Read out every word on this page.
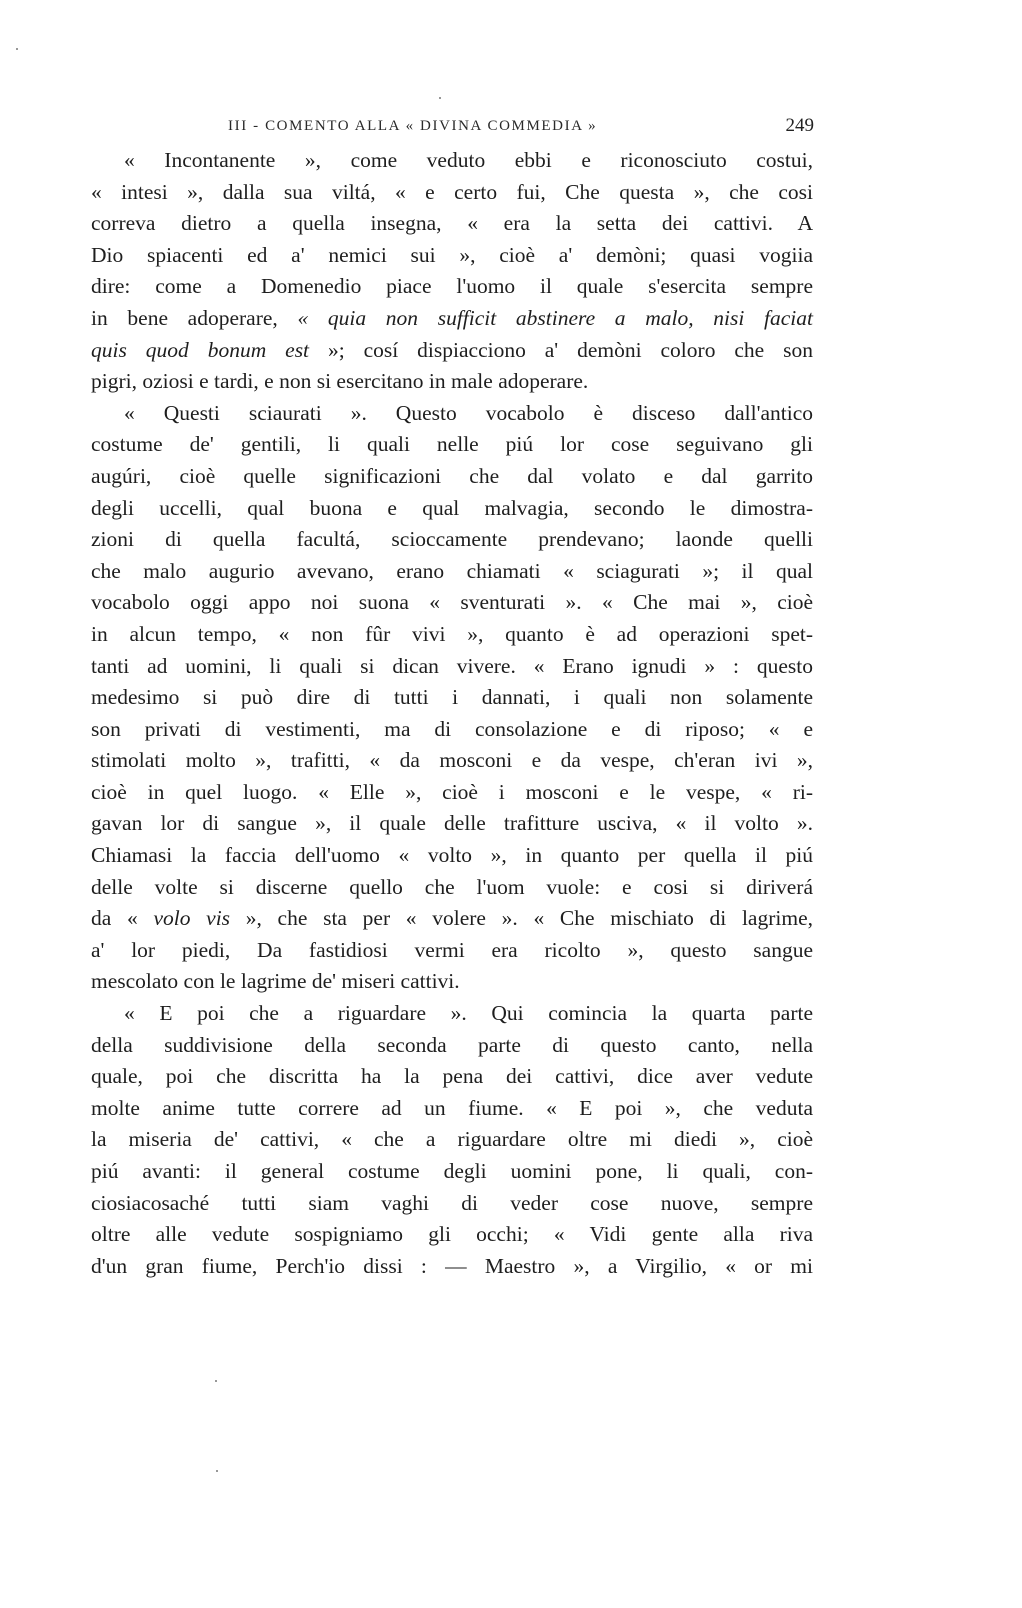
III - COMENTO ALLA « DIVINA COMMEDIA »	249
« Incontanente », come veduto ebbi e riconosciuto costui,
« intesi », dalla sua viltá, « e certo fui, Che questa », che cosi
correva dietro a quella insegna, « era la setta dei cattivi. A
Dio spiacenti ed a' nemici sui », cioè a' demòni; quasi vogiia
dire: come a Domenedio piace l'uomo il quale s'esercita sempre
in bene adoperare, « quia non sufficit abstinere a malo, nisi faciat
quis quod bonum est »; cosí dispiacciono a' demòni coloro che son
pigri, oziosi e tardi, e non si esercitano in male adoperare.
« Questi sciaurati ». Questo vocabolo è disceso dall'antico
costume de' gentili, li quali nelle piú lor cose seguivano gli
augúri, cioè quelle significazioni che dal volato e dal garrito
degli uccelli, qual buona e qual malvagia, secondo le dimostra-
zioni di quella facultá, scioccamente prendevano; laonde quelli
che malo augurio avevano, erano chiamati « sciagurati »; il qual
vocabolo oggi appo noi suona « sventurati ». « Che mai », cioè
in alcun tempo, « non fûr vivi », quanto è ad operazioni spet-
tanti ad uomini, li quali si dican vivere. « Erano ignudi » : questo
medesimo si può dire di tutti i dannati, i quali non solamente
son privati di vestimenti, ma di consolazione e di riposo; « e
stimolati molto », trafitti, « da mosconi e da vespe, ch'eran ivi »,
cioè in quel luogo. « Elle », cioè i mosconi e le vespe, « ri-
gavan lor di sangue », il quale delle trafitture usciva, « il volto ».
Chiamasi la faccia dell'uomo « volto », in quanto per quella il piú
delle volte si discerne quello che l'uom vuole: e cosi si diriverá
da « volo vis », che sta per « volere ». « Che mischiato di lagrime,
a' lor piedi, Da fastidiosi vermi era ricolto », questo sangue
mescolato con le lagrime de' miseri cattivi.
« E poi che a riguardare ». Qui comincia la quarta parte
della suddivisione della seconda parte di questo canto, nella
quale, poi che discritta ha la pena dei cattivi, dice aver vedute
molte anime tutte correre ad un fiume. « E poi », che veduta
la miseria de' cattivi, « che a riguardare oltre mi diedi », cioè
piú avanti: il general costume degli uomini pone, li quali, con-
ciosiacosaché tutti siam vaghi di veder cose nuove, sempre
oltre alle vedute sospigniamo gli occhi; « Vidi gente alla riva
d'un gran fiume, Perch'io dissi : — Maestro », a Virgilio, « or mi
